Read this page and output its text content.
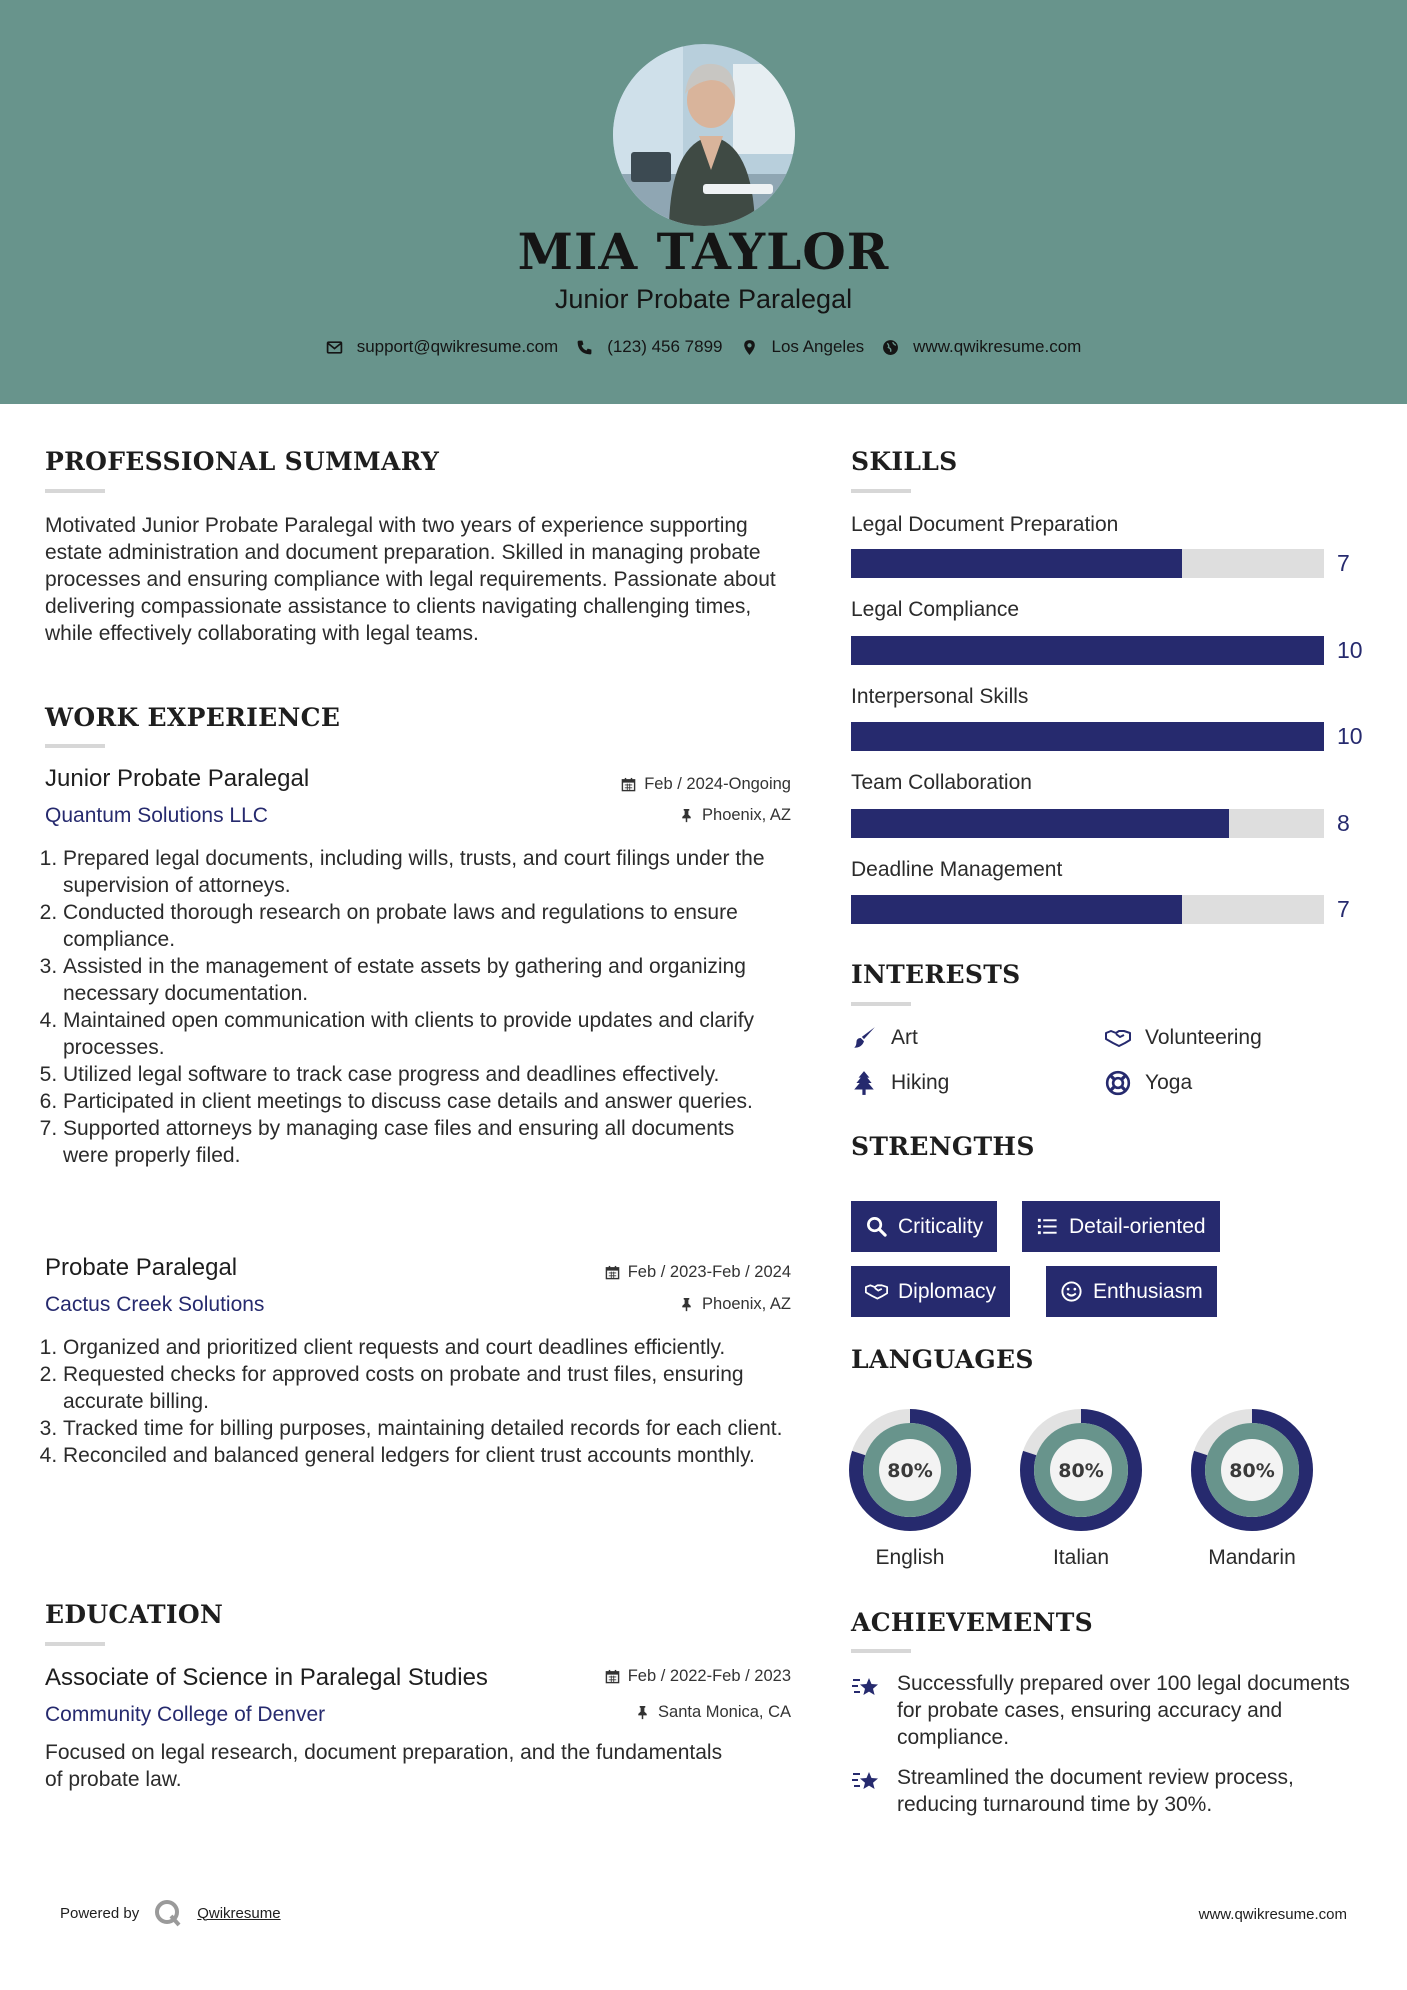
MIA TAYLOR
Junior Probate Paralegal
support@qwikresume.com	(123) 456 7899	Los Angeles	www.qwikresume.com
PROFESSIONAL SUMMARY
Motivated Junior Probate Paralegal with two years of experience supporting estate administration and document preparation. Skilled in managing probate processes and ensuring compliance with legal requirements. Passionate about delivering compassionate assistance to clients navigating challenging times, while effectively collaborating with legal teams.
WORK EXPERIENCE
Junior Probate Paralegal
Quantum Solutions LLC
Feb / 2024-Ongoing
Phoenix, AZ
1. Prepared legal documents, including wills, trusts, and court filings under the supervision of attorneys.
2. Conducted thorough research on probate laws and regulations to ensure compliance.
3. Assisted in the management of estate assets by gathering and organizing necessary documentation.
4. Maintained open communication with clients to provide updates and clarify processes.
5. Utilized legal software to track case progress and deadlines effectively.
6. Participated in client meetings to discuss case details and answer queries.
7. Supported attorneys by managing case files and ensuring all documents were properly filed.
Probate Paralegal
Cactus Creek Solutions
Feb / 2023-Feb / 2024
Phoenix, AZ
1. Organized and prioritized client requests and court deadlines efficiently.
2. Requested checks for approved costs on probate and trust files, ensuring accurate billing.
3. Tracked time for billing purposes, maintaining detailed records for each client.
4. Reconciled and balanced general ledgers for client trust accounts monthly.
EDUCATION
Associate of Science in Paralegal Studies
Community College of Denver
Feb / 2022-Feb / 2023
Santa Monica, CA
Focused on legal research, document preparation, and the fundamentals of probate law.
SKILLS
Legal Document Preparation
7
Legal Compliance
10
Interpersonal Skills
10
Team Collaboration
8
Deadline Management
7
INTERESTS
Art	Volunteering
Hiking	Yoga
STRENGTHS
Criticality	Detail-oriented
Diplomacy	Enthusiasm
LANGUAGES
80%
English
80%
Italian
80%
Mandarin
ACHIEVEMENTS
Successfully prepared over 100 legal documents for probate cases, ensuring accuracy and compliance.
Streamlined the document review process, reducing turnaround time by 30%.
Powered by	Qwikresume	www.qwikresume.com
